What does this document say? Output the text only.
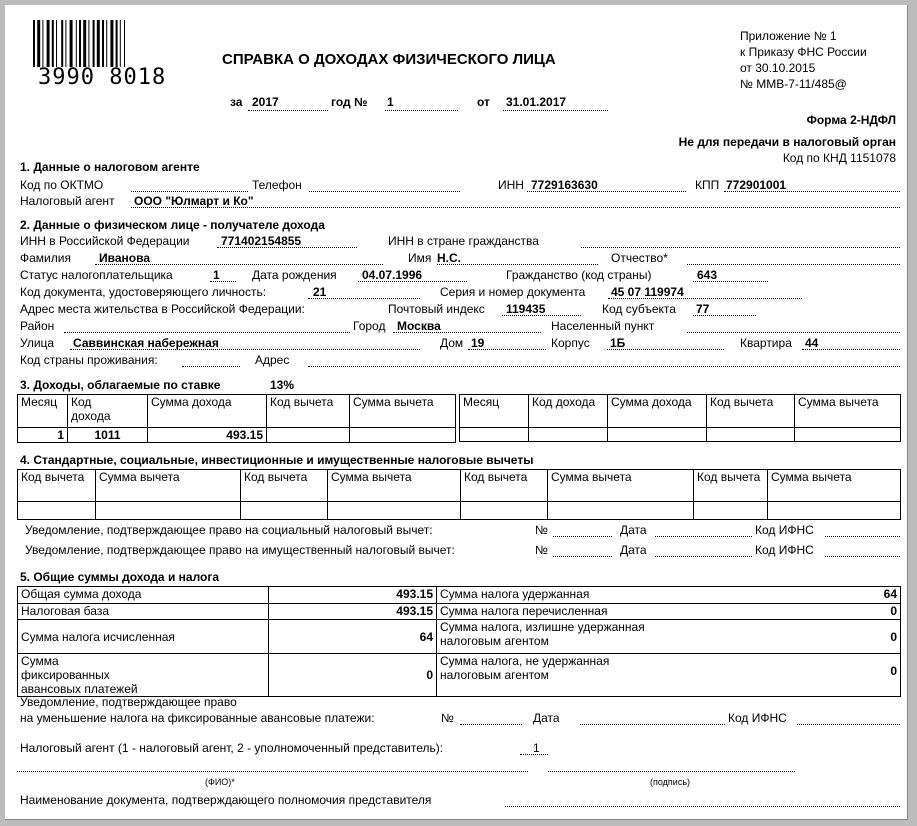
3990 8018
СПРАВКА О ДОХОДАХ ФИЗИЧЕСКОГО ЛИЦА
за 2017	год № 1	от 31.01.2017
Приложение № 1
к Приказу ФНС России
от 30.10.2015
№ ММВ-7-11/485@
Форма 2-НДФЛ
Не для передачи в налоговый орган
Код по КНД 1151078
1. Данные о налоговом агенте
Код по ОКТМО	Телефон	ИНН 7729163630	КПП 772901001
Налоговый агент ООО "Юлмарт и Ко"
2. Данные о физическом лице - получателе дохода
ИНН в Российской Федерации	771402154855	ИНН в стране гражданства
Фамилия Иванова	Имя Н.С.	Отчество*
Статус налогоплательщика	1	Дата рождения 04.07.1996	Гражданство (код страны)	643
Код документа, удостоверяющего личность:	21	Серия и номер документа 45 07 119974
Адрес места жительства в Российской Федерации:	Почтовый индекс 119435	Код субъекта 77
Район	Город Москва	Населенный пункт
Улица Саввинская набережная	Дом 19	Корпус 1Б	Квартира 44
Код страны проживания:	Адрес
3. Доходы, облагаемые по ставке	13%
Месяц	Код дохода	Сумма дохода	Код вычета	Сумма вычета
1	1011	493.15		
Месяц	Код дохода	Сумма дохода	Код вычета	Сумма вычета

4. Стандартные, социальные, инвестиционные и имущественные налоговые вычеты
Код вычета	Сумма вычета	Код вычета	Сумма вычета	Код вычета	Сумма вычета	Код вычета	Сумма вычета

Уведомление, подтверждающее право на социальный налоговый вычет:	№	Дата	Код ИФНС
Уведомление, подтверждающее право на имущественный налоговый вычет:	№	Дата	Код ИФНС
5. Общие суммы дохода и налога
Общая сумма дохода	493.15	Сумма налога удержанная 64

Налоговая база	493.15	Сумма налога перечисленная 0

Сумма налога исчисленная	64	Сумма налога, излишне удержанная налоговым агентом 0

Сумма фиксированных авансовых платежей	0	Сумма налога, не удержанная налоговым агентом 0
Уведомление, подтверждающее право
на уменьшение налога на фиксированные авансовые платежи:	№	Дата	Код ИФНС
Налоговый агент (1 - налоговый агент, 2 - уполномоченный представитель):	1
(ФИО)*	(подпись)
Наименование документа, подтверждающего полномочия представителя
